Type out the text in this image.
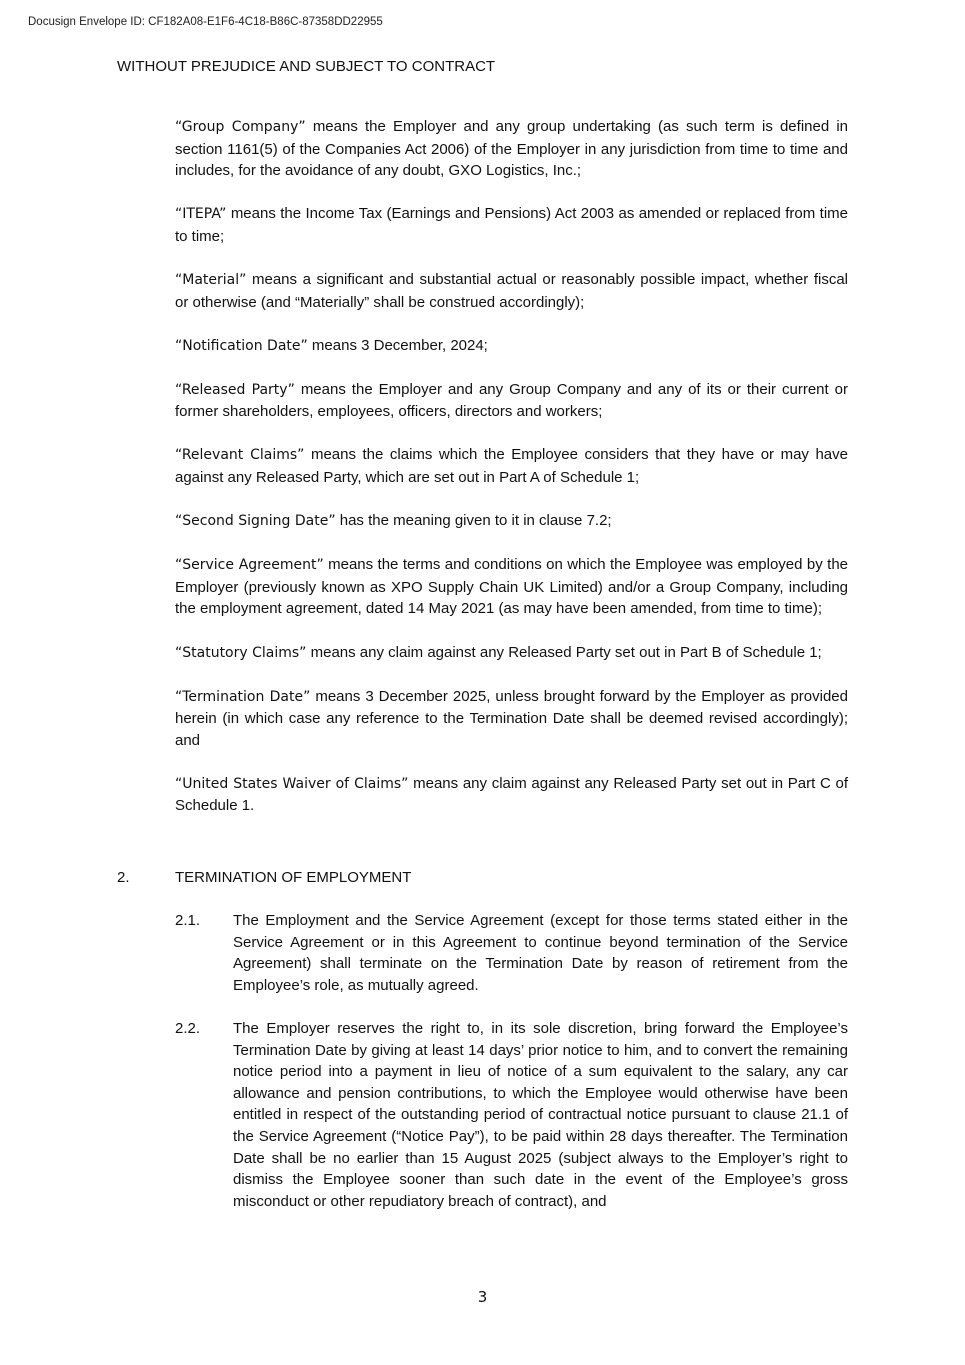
Docusign Envelope ID: CF182A08-E1F6-4C18-B86C-87358DD22955
WITHOUT PREJUDICE AND SUBJECT TO CONTRACT

“Group Company” means the Employer and any group undertaking (as such term is defined in section 1161(5) of the Companies Act 2006) of the Employer in any jurisdiction from time to time and includes, for the avoidance of any doubt, GXO Logistics, Inc.;

“ITEPA” means the Income Tax (Earnings and Pensions) Act 2003 as amended or replaced from time to time;

“Material” means a significant and substantial actual or reasonably possible impact, whether fiscal or otherwise (and “Materially” shall be construed accordingly);

“Notification Date” means 3 December, 2024;

“Released Party” means the Employer and any Group Company and any of its or their current or former shareholders, employees, officers, directors and workers;

“Relevant Claims” means the claims which the Employee considers that they have or may have against any Released Party, which are set out in Part A of Schedule 1;

“Second Signing Date” has the meaning given to it in clause 7.2;

“Service Agreement” means the terms and conditions on which the Employee was employed by the Employer (previously known as XPO Supply Chain UK Limited) and/or a Group Company, including the employment agreement, dated 14 May 2021 (as may have been amended, from time to time);

“Statutory Claims” means any claim against any Released Party set out in Part B of Schedule 1;

“Termination Date” means 3 December 2025, unless brought forward by the Employer as provided herein (in which case any reference to the Termination Date shall be deemed revised accordingly); and

“United States Waiver of Claims” means any claim against any Released Party set out in Part C of Schedule 1.

2.	TERMINATION OF EMPLOYMENT
2.1.	The Employment and the Service Agreement (except for those terms stated either in the Service Agreement or in this Agreement to continue beyond termination of the Service Agreement) shall terminate on the Termination Date by reason of retirement from the Employee’s role, as mutually agreed.
2.2.	The Employer reserves the right to, in its sole discretion, bring forward the Employee’s Termination Date by giving at least 14 days’ prior notice to him, and to convert the remaining notice period into a payment in lieu of notice of a sum equivalent to the salary, any car allowance and pension contributions, to which the Employee would otherwise have been entitled in respect of the outstanding period of contractual notice pursuant to clause 21.1 of the Service Agreement (“Notice Pay”), to be paid within 28 days thereafter. The Termination Date shall be no earlier than 15 August 2025 (subject always to the Employer’s right to dismiss the Employee sooner than such date in the event of the Employee’s gross misconduct or other repudiatory breach of contract), and
3
